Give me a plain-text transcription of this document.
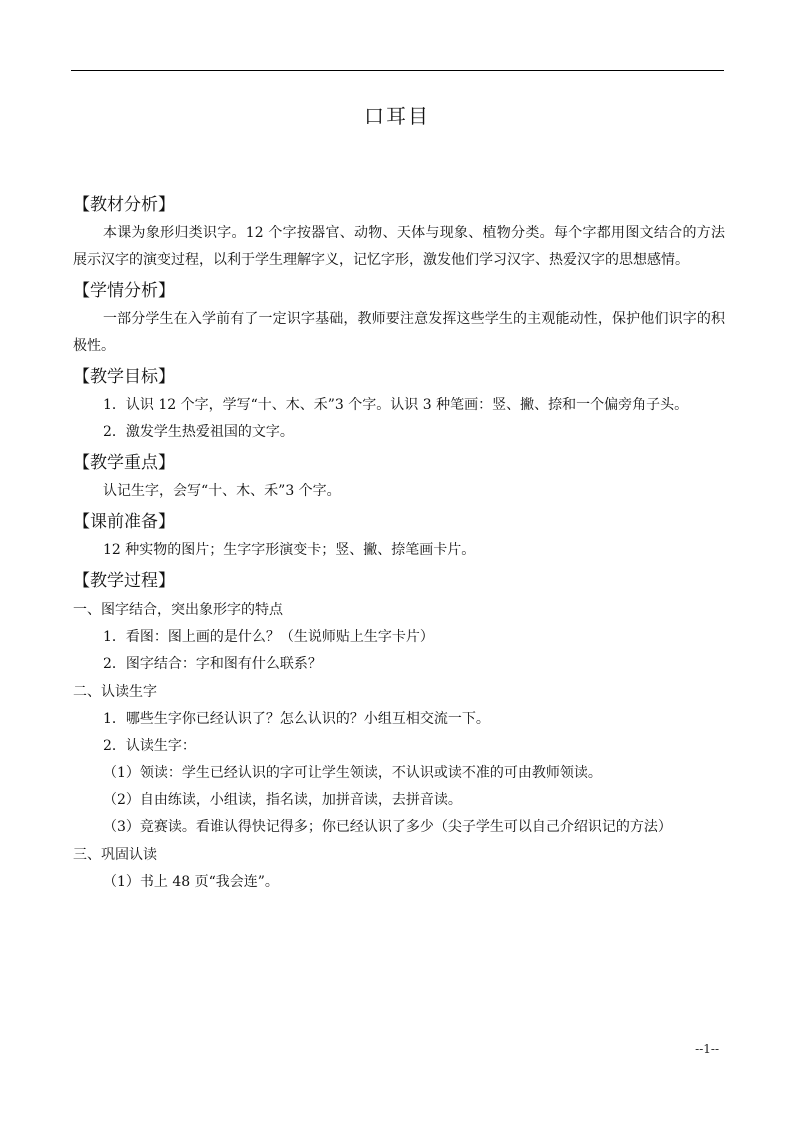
口耳目

【教材分析】

本课为象形归类识字。12 个字按器官、动物、天体与现象、植物分类。每个字都用图文结合的方法展示汉字的演变过程，以利于学生理解字义，记忆字形，激发他们学习汉字、热爱汉字的思想感情。

【学情分析】

一部分学生在入学前有了一定识字基础，教师要注意发挥这些学生的主观能动性，保护他们识字的积极性。

【教学目标】

1．认识 12 个字，学写“十、木、禾”3 个字。认识 3 种笔画：竖、撇、捺和一个偏旁角子头。

2．激发学生热爱祖国的文字。

【教学重点】

认记生字，会写“十、木、禾”3 个字。

【课前准备】

12 种实物的图片；生字字形演变卡；竖、撇、捺笔画卡片。

【教学过程】

一、图字结合，突出象形字的特点

1．看图：图上画的是什么？（生说师贴上生字卡片）

2．图字结合：字和图有什么联系？

二、认读生字

1．哪些生字你已经认识了？怎么认识的？小组互相交流一下。

2．认读生字：

（1）领读：学生已经认识的字可让学生领读，不认识或读不准的可由教师领读。

（2）自由练读，小组读，指名读，加拼音读，去拼音读。

（3）竞赛读。看谁认得快记得多；你已经认识了多少（尖子学生可以自己介绍识记的方法）

三、巩固认读

（1）书上 48 页“我会连”。

--1--
